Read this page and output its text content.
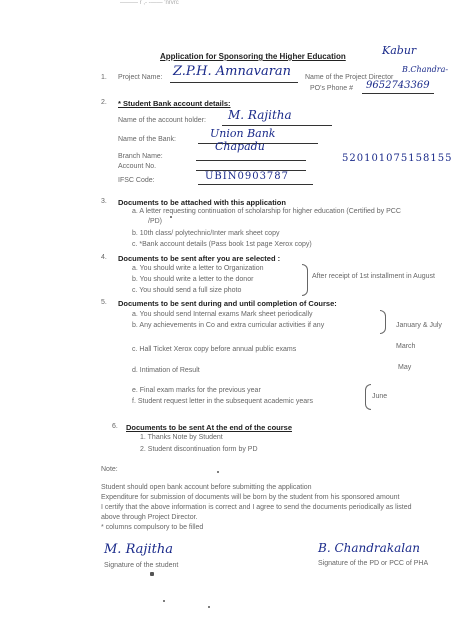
——— r ,- -—— ′nrvrc
Application for Sponsoring the Higher Education	Kabur
1. Project Name: Z.P.H. Amnavaran Name of the Project Director
B.Chandra-
PO's Phone # 9652743369
2. * Student Bank account details:
Name of the account holder: M. Rajitha
Name of the Bank:	Union Bank
Chapadu
Branch Name:
Account No.
520101075158155
IFSC Code:	UBIN0903787
3. Documents to be attached with this application
a. A letter requesting continuation of scholarship for higher education (Certified by PCC
/PD)
b. 10th class/ polytechnic/Inter mark sheet copy
c. *Bank account details (Pass book 1st page Xerox copy)
4. Documents to be sent after you are selected :
a. You should write a letter to Organization
b. You should write a letter to the donor
c. You should send a full size photo
After receipt of 1st installment in August
5. Documents to be sent during and until completion of Course:
a. You should send Internal exams Mark sheet periodically
b. Any achievements in Co and extra curricular activities if any	January & July
c. Hall Ticket Xerox copy before annual public exams	March
d. Intimation of Result	May
e. Final exam marks for the previous year
f. Student request letter in the subsequent academic years
June
6. Documents to be sent At the end of the course
1. Thanks Note by Student
2. Student discontinuation form by PD
Note:
Student should open bank account before submitting the application
Expenditure for submission of documents will be born by the student from his sponsored amount
I certify that the above information is correct and I agree to send the documents periodically as listed
above through Project Director.
* columns compulsory to be filled
M. Rajitha
Signature of the student
B. Chandrakalan
Signature of the PD or PCC of PHA
